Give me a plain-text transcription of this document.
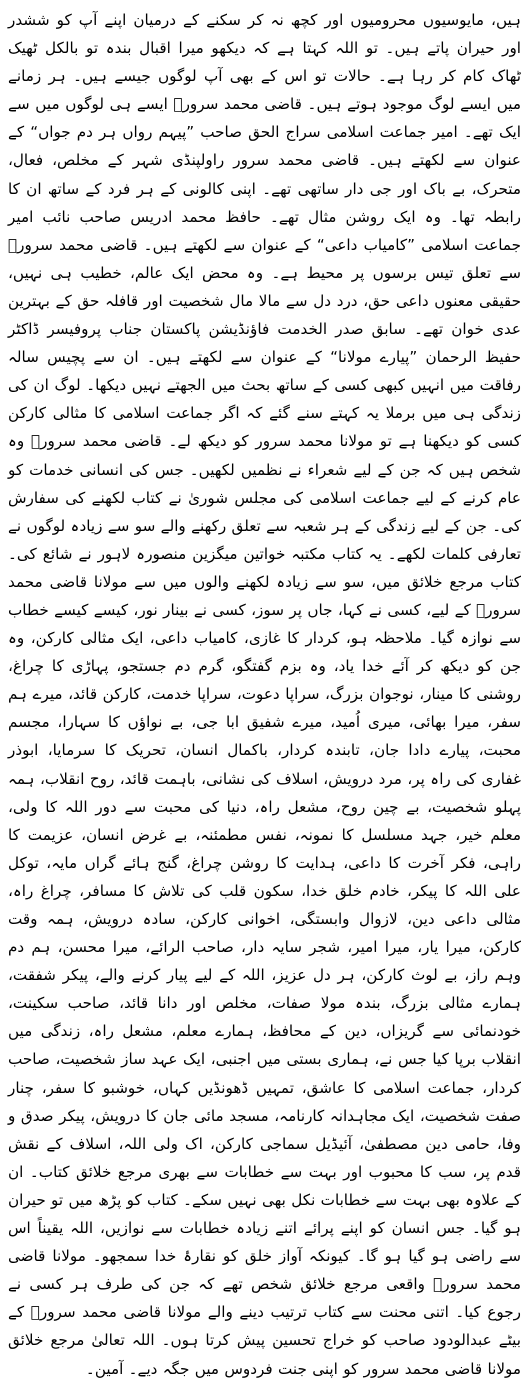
ہیں، مایوسیوں محرومیوں اور کچھ نہ کر سکنے کے درمیان اپنے آپ کو ششدر اور حیران پاتے ہیں۔ تو اللہ کہتا ہے کہ دیکھو میرا اقبال بندہ تو بالکل ٹھیک ٹھاک کام کر رہا ہے۔ حالات تو اس کے بھی آپ لوگوں جیسے ہیں۔ ہر زمانے میں ایسے لوگ موجود ہوتے ہیں۔ قاضی محمد سرورؒ ایسے ہی لوگوں میں سے ایک تھے۔ امیر جماعت اسلامی سراج الحق صاحب ”پیہم رواں ہر دم جواں“ کے عنوان سے لکھتے ہیں۔ قاضی محمد سرور راولپنڈی شہر کے مخلص، فعال، متحرک، بے باک اور جی دار ساتھی تھے۔ اپنی کالونی کے ہر فرد کے ساتھ ان کا رابطہ تھا۔ وہ ایک روشن مثال تھے۔ حافظ محمد ادریس صاحب نائب امیر جماعت اسلامی ”کامیاب داعی“ کے عنوان سے لکھتے ہیں۔ قاضی محمد سرورؒ سے تعلق تیس برسوں پر محیط ہے۔ وہ محض ایک عالم، خطیب ہی نہیں، حقیقی معنوں داعی حق، درد دل سے مالا مال شخصیت اور قافلہ حق کے بہترین عدی خوان تھے۔ سابق صدر الخدمت فاؤنڈیشن پاکستان جناب پروفیسر ڈاکٹر حفیظ الرحمان ”پیارے مولانا“ کے عنوان سے لکھتے ہیں۔ ان سے پچیس سالہ رفاقت میں انہیں کبھی کسی کے ساتھ بحث میں الجھتے نہیں دیکھا۔ لوگ ان کی زندگی ہی میں برملا یہ کہتے سنے گئے کہ اگر جماعت اسلامی کا مثالی کارکن کسی کو دیکھنا ہے تو مولانا محمد سرور کو دیکھ لے۔ قاضی محمد سرورؒ وہ شخص ہیں کہ جن کے لیے شعراء نے نظمیں لکھیں۔ جس کی انسانی خدمات کو عام کرنے کے لیے جماعت اسلامی کی مجلس شوریٰ نے کتاب لکھنے کی سفارش کی۔ جن کے لیے زندگی کے ہر شعبہ سے تعلق رکھنے والے سو سے زیادہ لوگوں نے تعارفی کلمات لکھے۔ یہ کتاب مکتبہ خواتین میگزین منصورہ لاہور نے شائع کی۔ کتاب مرجع خلائق میں، سو سے زیادہ لکھنے والوں میں سے مولانا قاضی محمد سرورؒ کے لیے، کسی نے کہا، جاں پر سوز، کسی نے بینار نور، کیسے کیسے خطاب سے نوازہ گیا۔ ملاحظہ ہو، کردار کا غازی، کامیاب داعی، ایک مثالی کارکن، وہ جن کو دیکھ کر آئے خدا یاد، وہ بزم گفتگو، گرم دم جستجو، پہاڑی کا چراغ، روشنی کا مینار، نوجوان بزرگ، سراپا دعوت، سراپا خدمت، کارکن قائد، میرے ہم سفر، میرا بھائی، میری اُمید، میرے شفیق ابا جی، بے نواؤں کا سہارا، مجسم محبت، پیارے دادا جان، تابندہ کردار، باکمال انسان، تحریک کا سرمایا، ابوذر غفاری کی راہ پر، مرد درویش، اسلاف کی نشانی، باہمت قائد، روح انقلاب، ہمہ پہلو شخصیت، بے چین روح، مشعل راہ، دنیا کی محبت سے دور اللہ کا ولی، معلم خیر، جہد مسلسل کا نمونہ، نفس مطمئنہ، بے غرض انسان، عزیمت کا راہی، فکر آخرت کا داعی، ہدایت کا روشن چراغ، گنج ہائے گراں مایہ، توکل علی اللہ کا پیکر، خادم خلق خدا، سکون قلب کی تلاش کا مسافر، چراغ راہ، مثالی داعی دین، لازوال وابستگی، اخوانی کارکن، سادہ درویش، ہمہ وقت کارکن، میرا یار، میرا امیر، شجر سایہ دار، صاحب الرائے، میرا محسن، ہم دم وہم راز، بے لوث کارکن، ہر دل عزیز، اللہ کے لیے پیار کرنے والے، پیکر شفقت، ہمارے مثالی بزرگ، بندہ مولا صفات، مخلص اور دانا قائد، صاحب سکینت، خودنمائی سے گریزاں، دین کے محافظ، ہمارے معلم، مشعل راہ، زندگی میں انقلاب برپا کیا جس نے، ہماری بستی میں اجنبی، ایک عہد ساز شخصیت، صاحب کردار، جماعت اسلامی کا عاشق، تمہیں ڈھونڈیں کہاں، خوشبو کا سفر، چنار صفت شخصیت، ایک مجاہدانہ کارنامہ، مسجد مائی جان کا درویش، پیکر صدق و وفا، حامی دین مصطفیٰ، آئیڈیل سماجی کارکن، اک ولی اللہ، اسلاف کے نقش قدم پر، سب کا محبوب اور بہت سے خطابات سے بھری مرجع خلائق کتاب۔ ان کے علاوہ بھی بہت سے خطابات نکل بھی نہیں سکے۔ کتاب کو پڑھ میں تو حیران ہو گیا۔ جس انسان کو اپنے پرائے اتنے زیادہ خطابات سے نوازیں، اللہ یقیناً اس سے راضی ہو گیا ہو گا۔ کیونکہ آواز خلق کو نقارۂ خدا سمجھو۔ مولانا قاضی محمد سرورؒ واقعی مرجع خلائق شخص تھے کہ جن کی طرف ہر کسی نے رجوع کیا۔ اتنی محنت سے کتاب ترتیب دینے والے مولانا قاضی محمد سرورؒ کے بیٹے عبدالودود صاحب کو خراج تحسین پیش کرتا ہوں۔ اللہ تعالیٰ مرجع خلائق مولانا قاضی محمد سرور کو اپنی جنت فردوس میں جگہ دیے۔ آمین۔
